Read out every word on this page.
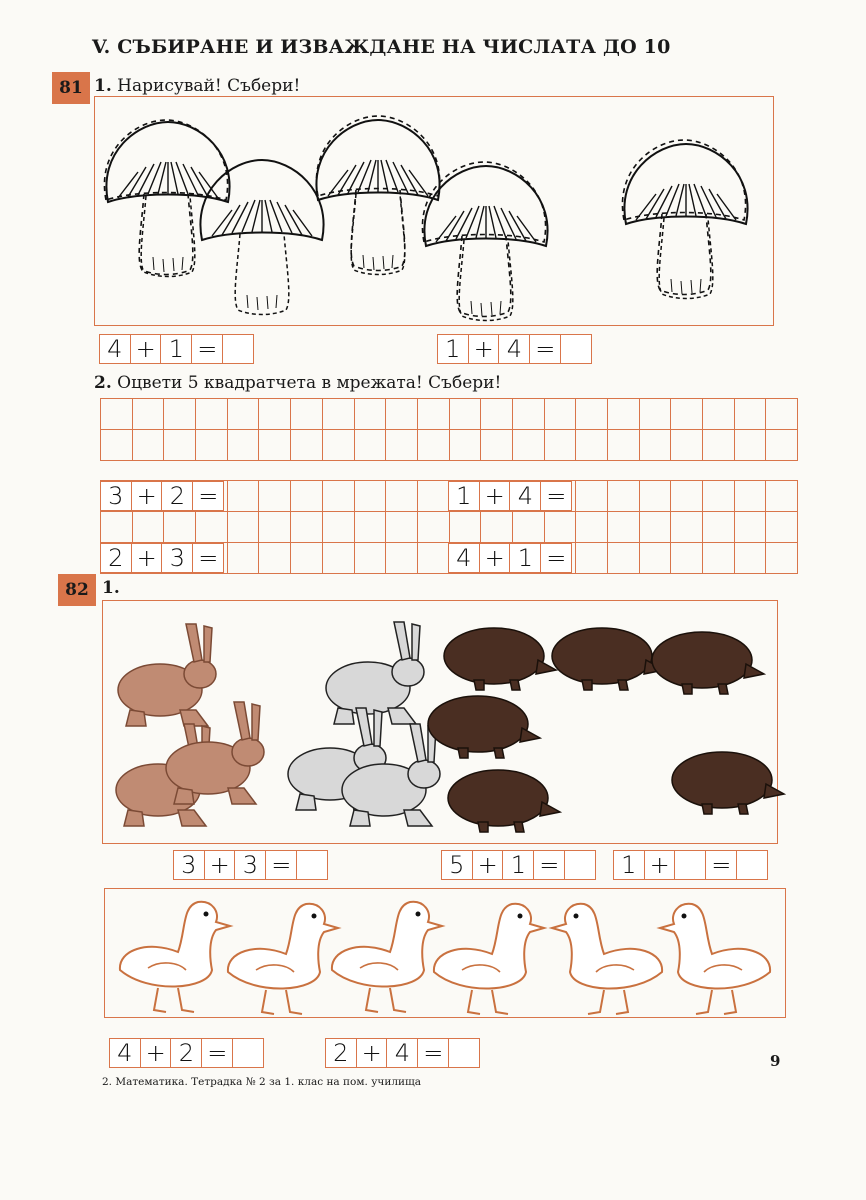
V. СЪБИРАНЕ И ИЗВАЖДАНЕ НА ЧИСЛАТА ДО 10
81 1. Нарисувай! Събери!
4 + 1 =	1 + 4 =
2. Оцвети 5 квадратчета в мрежата! Събери!
3 + 2 =	1 + 4 =
2 + 3 =	4 + 1 =
82 1.
3 + 3 =	5 + 1 =	1 + =
4 + 2 =	2 + 4 =	9
2. Математика. Тетрадка № 2 за 1. клас на пом. училища
